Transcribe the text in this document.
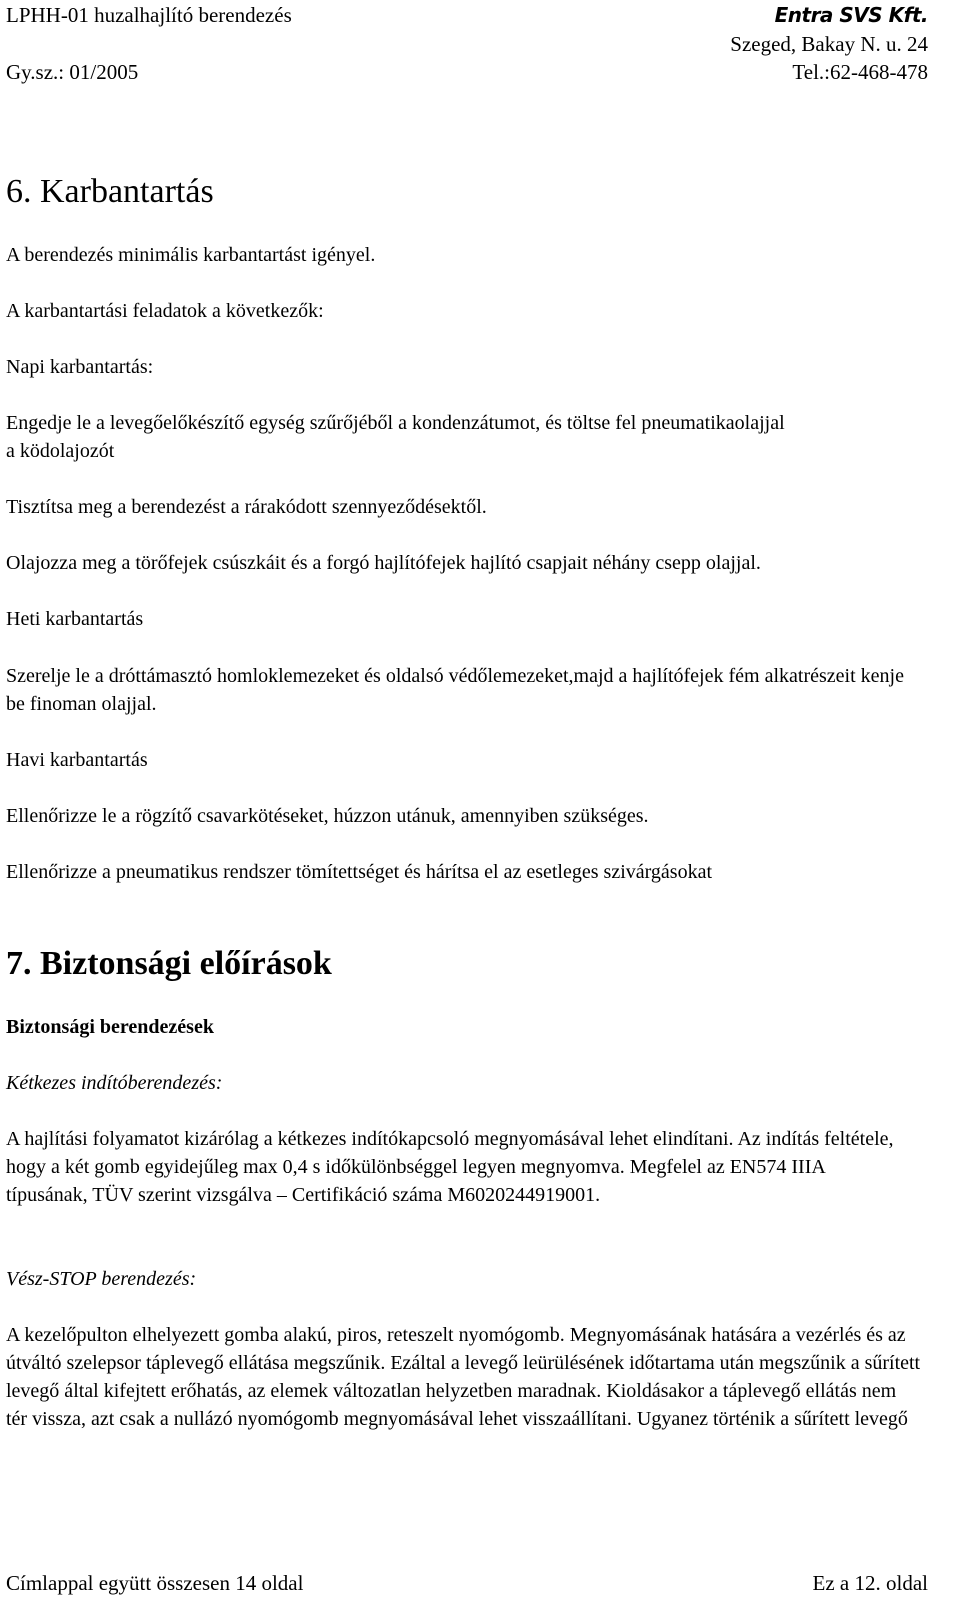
LPHH-01 huzalhajlító berendezés	Entra SVS Kft.
Szeged, Bakay N. u. 24
Gy.sz.: 01/2005	Tel.:62-468-478
6. Karbantartás
A berendezés minimális karbantartást igényel.
A karbantartási feladatok a következők:
Napi karbantartás:
Engedje le a levegőelőkészítő egység szűrőjéből a kondenzátumot, és töltse fel pneumatikaolajjal a ködolajozót
Tisztítsa meg a berendezést a rárakódott szennyeződésektől.
Olajozza meg a törőfejek csúszkáit és a forgó hajlítófejek hajlító csapjait néhány csepp olajjal.
Heti karbantartás
Szerelje le a dróttámasztó homloklemezeket és oldalsó védőlemezeket,majd a hajlítófejek fém alkatrészeit kenje be finoman olajjal.
Havi karbantartás
Ellenőrizze le a rögzítő csavarkötéseket, húzzon utánuk, amennyiben szükséges.
Ellenőrizze a pneumatikus rendszer tömítettséget és hárítsa el az esetleges szivárgásokat
7. Biztonsági előírások
Biztonsági berendezések
Kétkezes indítóberendezés:
A hajlítási folyamatot kizárólag a kétkezes indítókapcsoló megnyomásával lehet elindítani. Az indítás feltétele, hogy a két gomb egyidejűleg max 0,4 s időkülönbséggel legyen megnyomva. Megfelel az EN574 IIIA típusának, TÜV szerint vizsgálva – Certifikáció száma M6020244919001.
Vész-STOP berendezés:
A kezelőpulton elhelyezett gomba alakú, piros, reteszelt nyomógomb. Megnyomásának hatására a vezérlés és az útváltó szelepsor táplevegő ellátása megszűnik. Ezáltal a levegő leürülésének időtartama után megszűnik a sűrített levegő által kifejtett erőhatás, az elemek változatlan helyzetben maradnak. Kioldásakor a táplevegő ellátás nem tér vissza, azt csak a nullázó nyomógomb megnyomásával lehet visszaállítani. Ugyanez történik a sűrített levegő
Címlappal együtt összesen 14 oldal	Ez a 12. oldal
